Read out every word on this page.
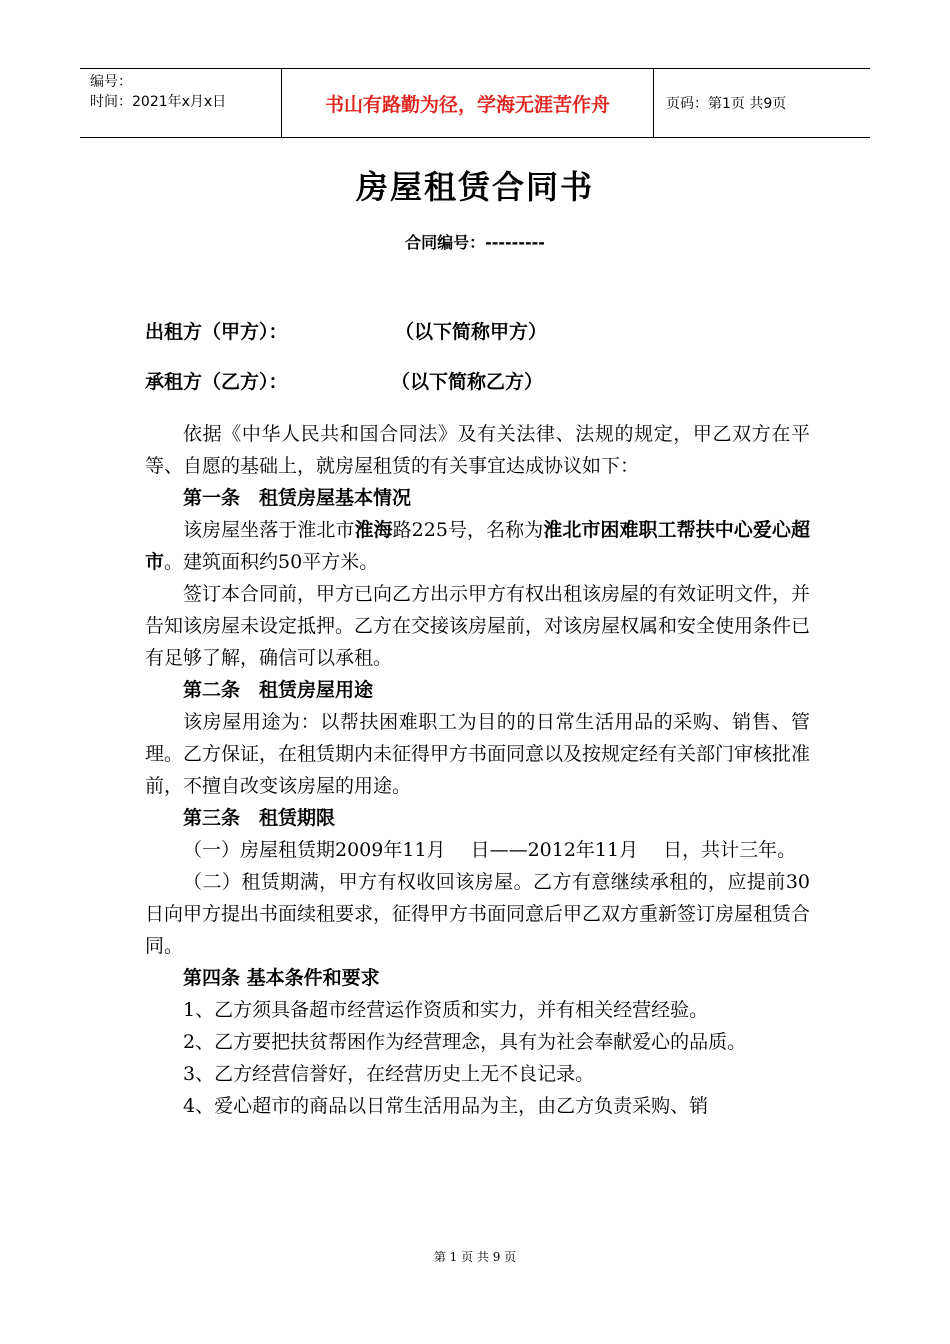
编号：
时间：2021年x月x日	书山有路勤为径，学海无涯苦作舟	页码：第1页 共9页
房屋租赁合同书
合同编号：---------
出租方（甲方）：	（以下简称甲方）
承租方（乙方）：	（以下简称乙方）

依据《中华人民共和国合同法》及有关法律、法规的规定，甲乙双方在平等、自愿的基础上，就房屋租赁的有关事宜达成协议如下：

第一条　租赁房屋基本情况

该房屋坐落于淮北市淮海路225号，名称为淮北市困难职工帮扶中心爱心超市。建筑面积约50平方米。

签订本合同前，甲方已向乙方出示甲方有权出租该房屋的有效证明文件，并告知该房屋未设定抵押。乙方在交接该房屋前，对该房屋权属和安全使用条件已有足够了解，确信可以承租。

第二条　租赁房屋用途

该房屋用途为：以帮扶困难职工为目的的日常生活用品的采购、销售、管理。乙方保证，在租赁期内未征得甲方书面同意以及按规定经有关部门审核批准前，不擅自改变该房屋的用途。

第三条　租赁期限

（一）房屋租赁期2009年11月　 日——2012年11月　 日，共计三年。

（二）租赁期满，甲方有权收回该房屋。乙方有意继续承租的，应提前30日向甲方提出书面续租要求，征得甲方书面同意后甲乙双方重新签订房屋租赁合同。

第四条 基本条件和要求

1、乙方须具备超市经营运作资质和实力，并有相关经营经验。

2、乙方要把扶贫帮困作为经营理念，具有为社会奉献爱心的品质。

3、乙方经营信誉好，在经营历史上无不良记录。

4、爱心超市的商品以日常生活用品为主，由乙方负责采购、销

第 1 页 共 9 页
